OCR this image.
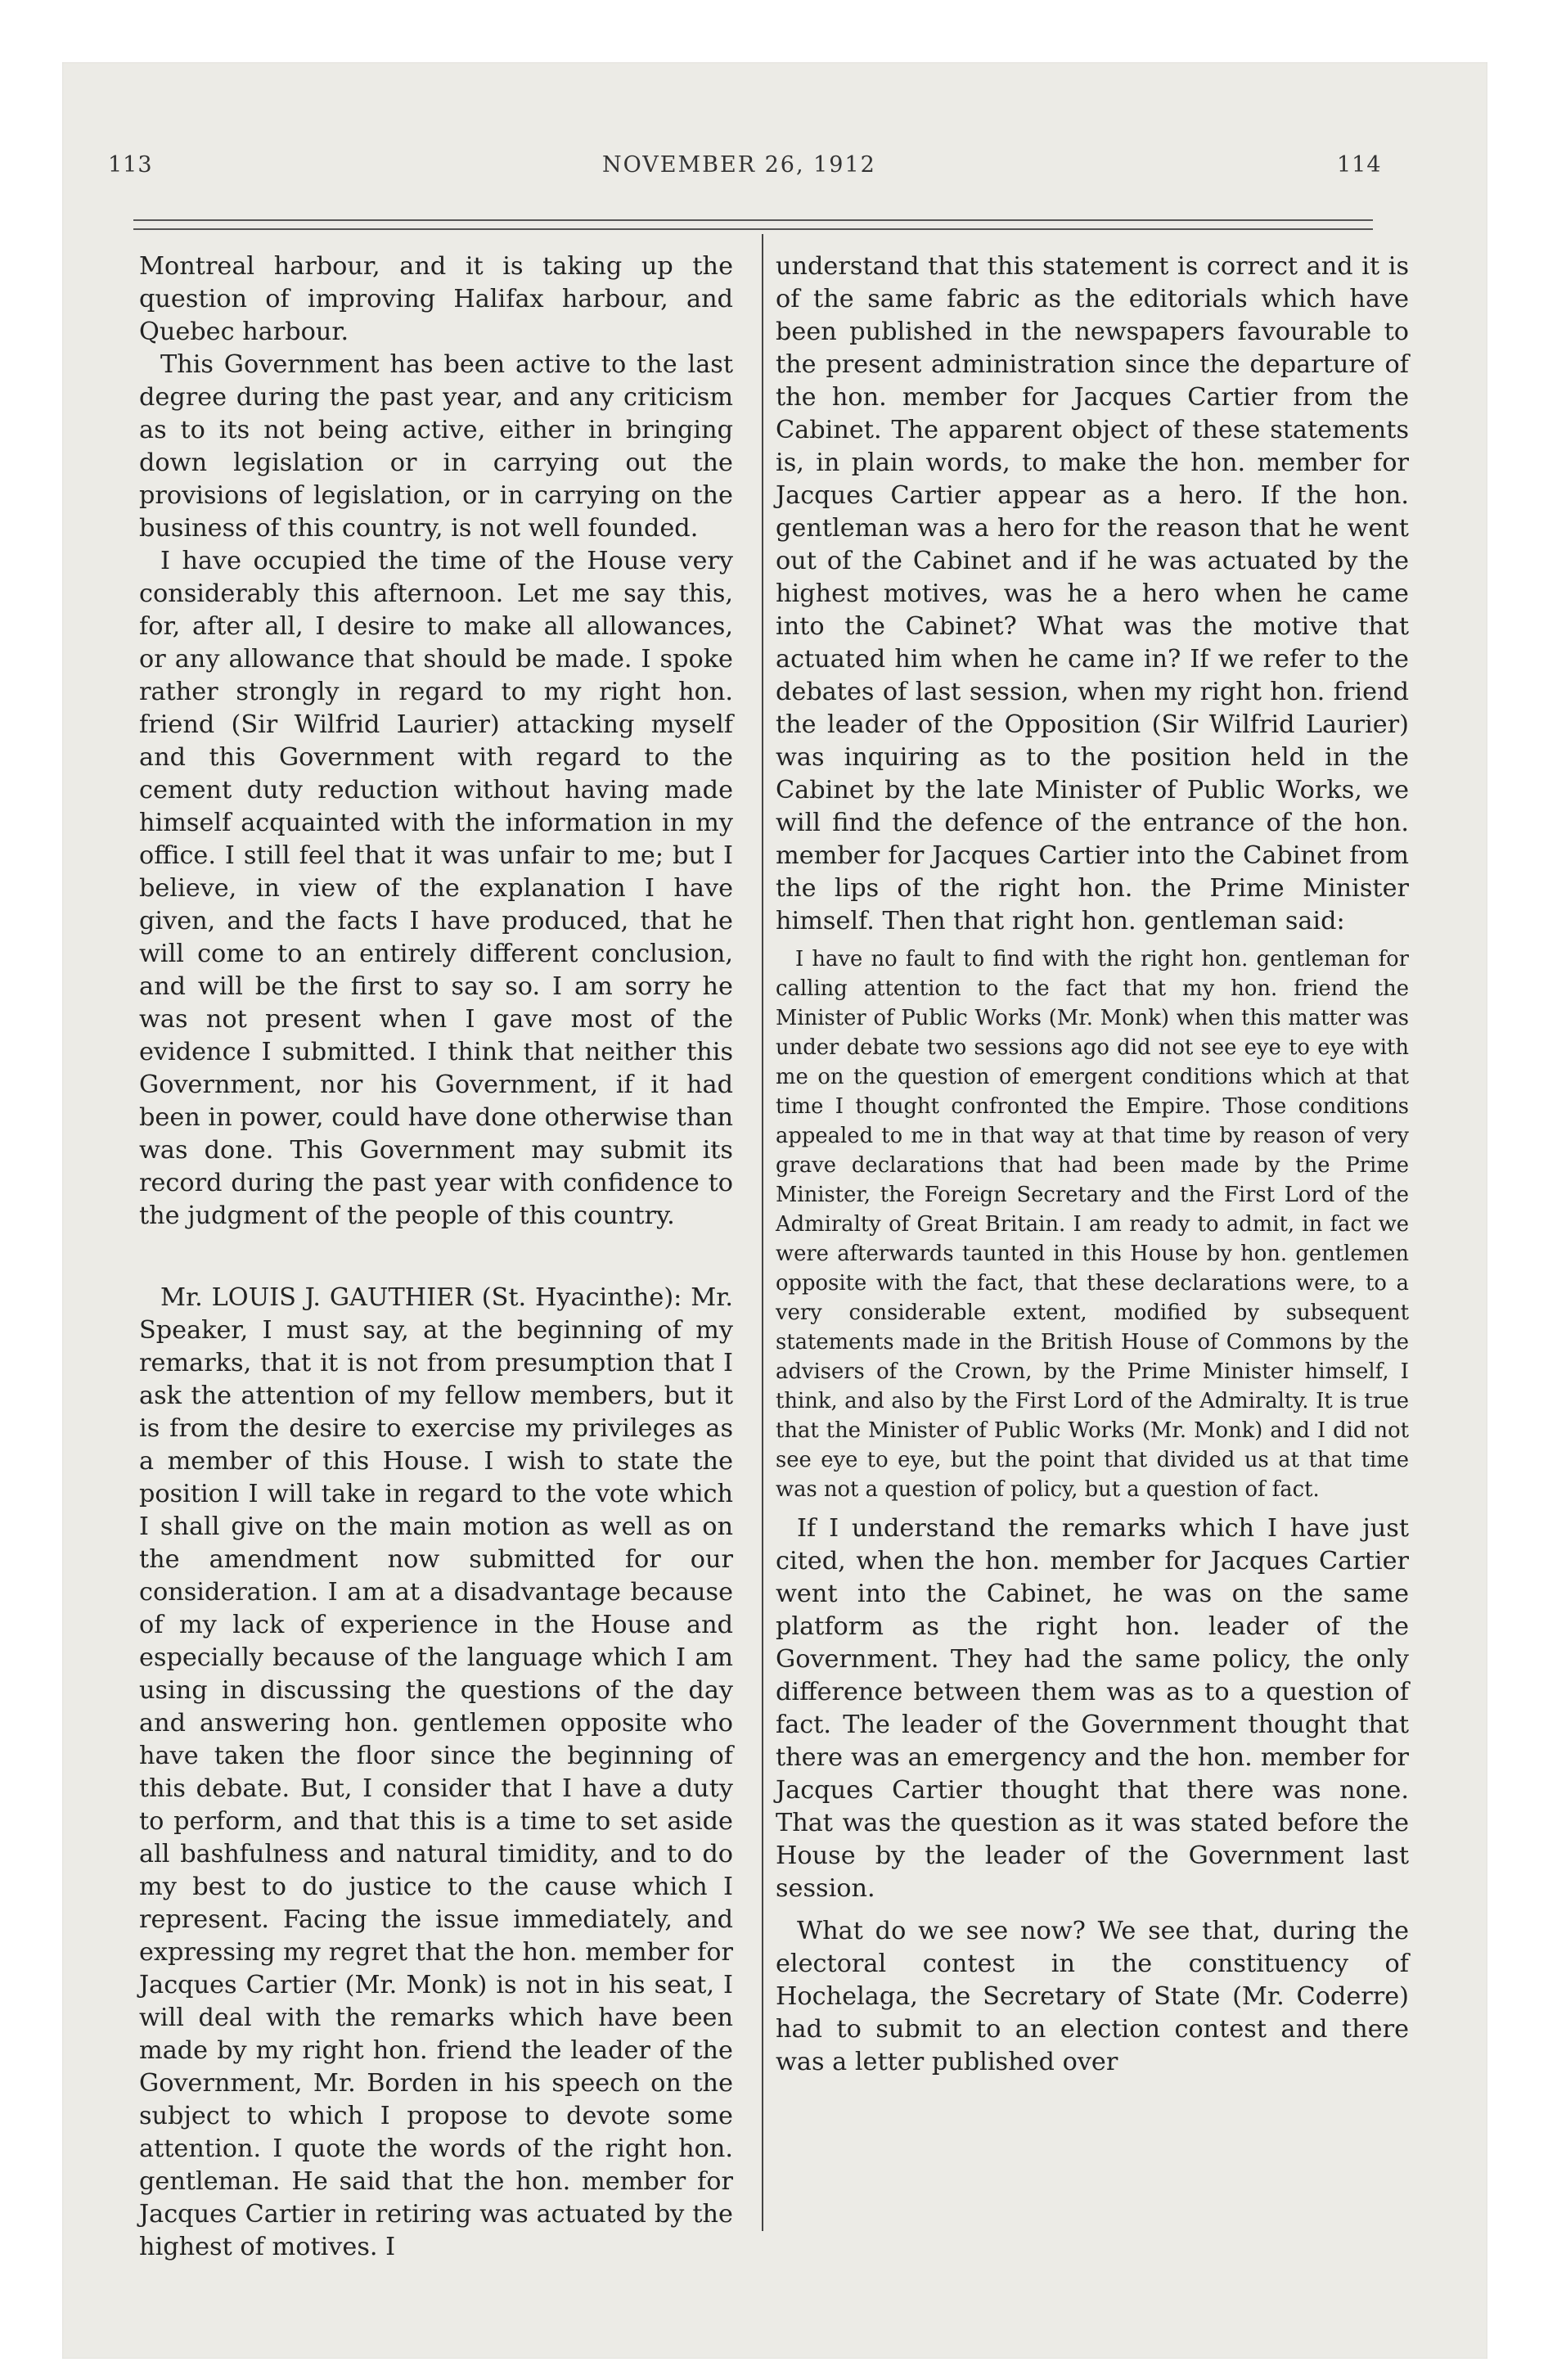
113	NOVEMBER 26, 1912	114

Montreal harbour, and it is taking up the question of improving Halifax harbour, and Quebec harbour.

This Government has been active to the last degree during the past year, and any criticism as to its not being active, either in bringing down legislation or in carrying out the provisions of legislation, or in carrying on the business of this country, is not well founded.

I have occupied the time of the House very considerably this afternoon. Let me say this, for, after all, I desire to make all allowances, or any allowance that should be made. I spoke rather strongly in regard to my right hon. friend (Sir Wilfrid Laurier) attacking myself and this Government with regard to the cement duty reduction without having made himself acquainted with the information in my office. I still feel that it was unfair to me; but I believe, in view of the explanation I have given, and the facts I have produced, that he will come to an entirely different conclusion, and will be the first to say so. I am sorry he was not present when I gave most of the evidence I submitted. I think that neither this Government, nor his Government, if it had been in power, could have done otherwise than was done. This Government may submit its record during the past year with confidence to the judgment of the people of this country.

Mr. LOUIS J. GAUTHIER (St. Hyacinthe): Mr. Speaker, I must say, at the beginning of my remarks, that it is not from presumption that I ask the attention of my fellow members, but it is from the desire to exercise my privileges as a member of this House. I wish to state the position I will take in regard to the vote which I shall give on the main motion as well as on the amendment now submitted for our consideration. I am at a disadvantage because of my lack of experience in the House and especially because of the language which I am using in discussing the questions of the day and answering hon. gentlemen opposite who have taken the floor since the beginning of this debate. But, I consider that I have a duty to perform, and that this is a time to set aside all bashfulness and natural timidity, and to do my best to do justice to the cause which I represent. Facing the issue immediately, and expressing my regret that the hon. member for Jacques Cartier (Mr. Monk) is not in his seat, I will deal with the remarks which have been made by my right hon. friend the leader of the Government, Mr. Borden in his speech on the subject to which I propose to devote some attention. I quote the words of the right hon. gentleman. He said that the hon. member for Jacques Cartier in retiring was actuated by the highest of motives. I

understand that this statement is correct and it is of the same fabric as the editorials which have been published in the newspapers favourable to the present administration since the departure of the hon. member for Jacques Cartier from the Cabinet. The apparent object of these statements is, in plain words, to make the hon. member for Jacques Cartier appear as a hero. If the hon. gentleman was a hero for the reason that he went out of the Cabinet and if he was actuated by the highest motives, was he a hero when he came into the Cabinet? What was the motive that actuated him when he came in? If we refer to the debates of last session, when my right hon. friend the leader of the Opposition (Sir Wilfrid Laurier) was inquiring as to the position held in the Cabinet by the late Minister of Public Works, we will find the defence of the entrance of the hon. member for Jacques Cartier into the Cabinet from the lips of the right hon. the Prime Minister himself. Then that right hon. gentleman said:

I have no fault to find with the right hon. gentleman for calling attention to the fact that my hon. friend the Minister of Public Works (Mr. Monk) when this matter was under debate two sessions ago did not see eye to eye with me on the question of emergent conditions which at that time I thought confronted the Empire. Those conditions appealed to me in that way at that time by reason of very grave declarations that had been made by the Prime Minister, the Foreign Secretary and the First Lord of the Admiralty of Great Britain. I am ready to admit, in fact we were afterwards taunted in this House by hon. gentlemen opposite with the fact, that these declarations were, to a very considerable extent, modified by subsequent statements made in the British House of Commons by the advisers of the Crown, by the Prime Minister himself, I think, and also by the First Lord of the Admiralty. It is true that the Minister of Public Works (Mr. Monk) and I did not see eye to eye, but the point that divided us at that time was not a question of policy, but a question of fact.

If I understand the remarks which I have just cited, when the hon. member for Jacques Cartier went into the Cabinet, he was on the same platform as the right hon. leader of the Government. They had the same policy, the only difference between them was as to a question of fact. The leader of the Government thought that there was an emergency and the hon. member for Jacques Cartier thought that there was none. That was the question as it was stated before the House by the leader of the Government last session.

What do we see now? We see that, during the electoral contest in the constituency of Hochelaga, the Secretary of State (Mr. Coderre) had to submit to an election contest and there was a letter published over
